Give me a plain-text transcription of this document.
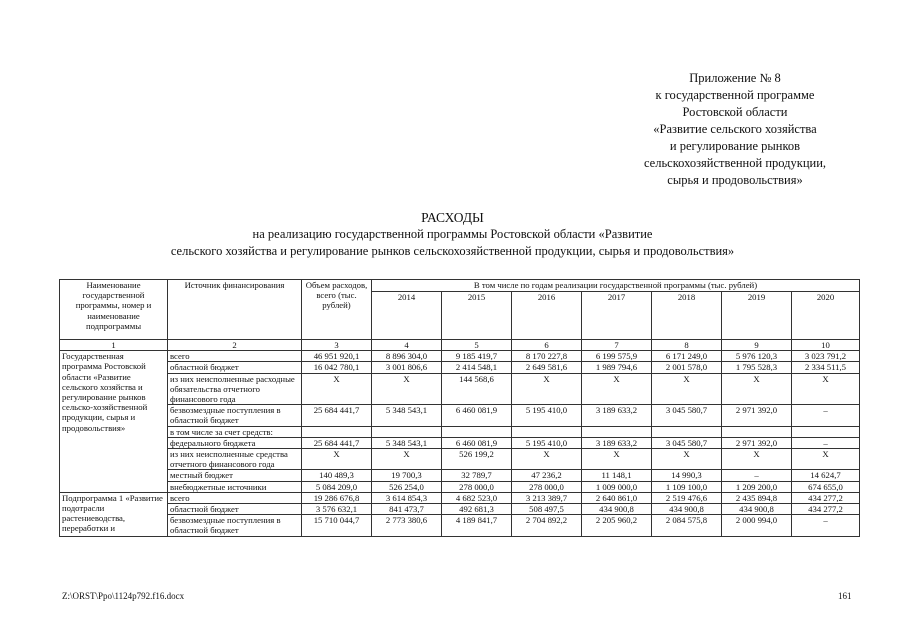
Приложение № 8
к государственной программе
Ростовской области
«Развитие сельского хозяйства
и регулирование рынков
сельскохозяйственной продукции,
сырья и продовольствия»
РАСХОДЫ
на реализацию государственной программы Ростовской области «Развитие
сельского хозяйства и регулирование рынков сельскохозяйственной продукции, сырья и продовольствия»
Наименование государственной программы, номер и наименование подпрограммы	Источник финансирования	Объем расходов, всего (тыс. рублей)	В том числе по годам реализации государственной программы (тыс. рублей)						
			2014	2015	2016	2017	2018	2019	2020
1	2	3	4	5	6	7	8	9	10
Государственная программа Ростовской области «Развитие сельского хозяйства и регулирование рынков сельско-хозяйственной продукции, сырья и продовольствия»	всего	46 951 920,1	8 896 304,0	9 185 419,7	8 170 227,8	6 199 575,9	6 171 249,0	5 976 120,3	3 023 791,2
	областной бюджет	16 042 780,1	3 001 806,6	2 414 548,1	2 649 581,6	1 989 794,6	2 001 578,0	1 795 528,3	2 334 511,5
	из них неисполненные расходные обязательства отчетного финансового года	X	X	144 568,6	X	X	X	X	X
	безвозмездные поступления в областной бюджет	25 684 441,7	5 348 543,1	6 460 081,9	5 195 410,0	3 189 633,2	3 045 580,7	2 971 392,0	–
	в том числе за счет средств:								
	федерального бюджета	25 684 441,7	5 348 543,1	6 460 081,9	5 195 410,0	3 189 633,2	3 045 580,7	2 971 392,0	–
	из них неисполненные средства отчетного финансового года	X	X	526 199,2	X	X	X	X	X
	местный бюджет	140 489,3	19 700,3	32 789,7	47 236,2	11 148,1	14 990,3	–	14 624,7
	внебюджетные источники	5 084 209,0	526 254,0	278 000,0	278 000,0	1 009 000,0	1 109 100,0	1 209 200,0	674 655,0
Подпрограмма 1 «Развитие подотрасли растениеводства, переработки и	всего	19 286 676,8	3 614 854,3	4 682 523,0	3 213 389,7	2 640 861,0	2 519 476,6	2 435 894,8	434 277,2
	областной бюджет	3 576 632,1	841 473,7	492 681,3	508 497,5	434 900,8	434 900,8	434 900,8	434 277,2
	безвозмездные поступления в областной бюджет	15 710 044,7	2 773 380,6	4 189 841,7	2 704 892,2	2 205 960,2	2 084 575,8	2 000 994,0	–
Z:\ORST\Ppo\1124p792.f16.docx	161
